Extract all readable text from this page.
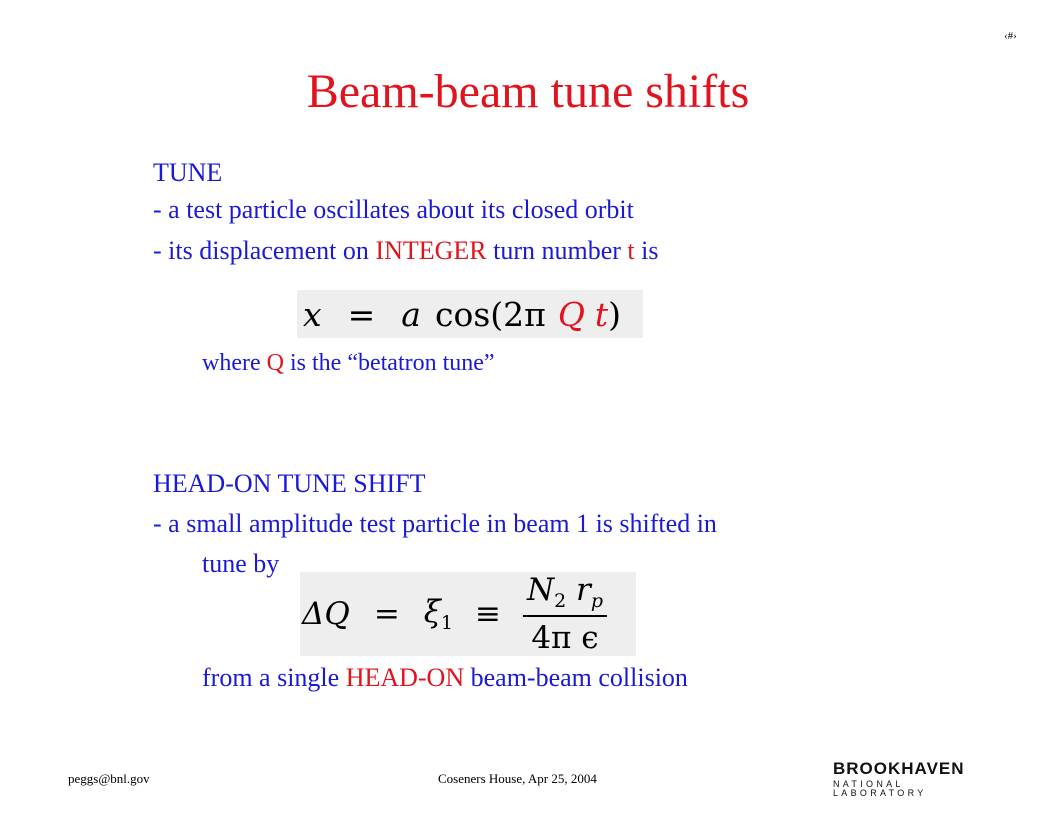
‹#›
Beam-beam tune shifts
TUNE
- a test particle oscillates about its closed orbit
- its displacement on INTEGER turn number t is
x = a cos(2π Q t )
where Q is the “betatron tune”
HEAD-ON TUNE SHIFT
- a small amplitude test particle in beam 1 is shifted in
tune by
$\Delta Q = \xi_1 \equiv \frac{N_2 r_p}{\text{4π ϵ}}$
from a single HEAD-ON beam-beam collision
peggs@bnl.gov	Coseners House, Apr 25, 2004
BROOKHAVEN
NATIONAL LABORATORY
